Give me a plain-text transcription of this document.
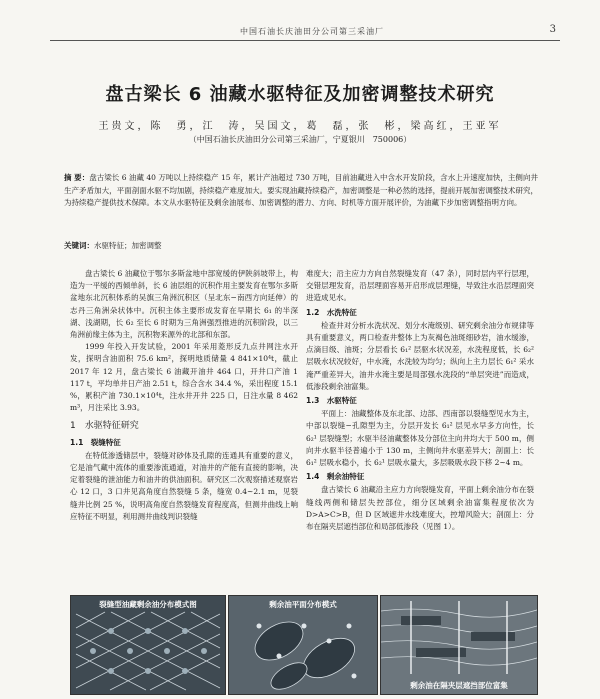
中国石油长庆油田分公司第三采油厂	3
盘古梁长 6 油藏水驱特征及加密调整技术研究
王贵文，陈　勇，江　涛，吴国文，葛　磊，张　彬，梁高红，王亚军
（中国石油长庆油田分公司第三采油厂，宁夏银川　750006）
摘 要：盘古梁长 6 油藏 40 万吨以上持续稳产 15 年，累计产油超过 730 万吨，目前油藏进入中含水开发阶段，含水上升速度加快，主侧向井生产矛盾加大，平面剖面水驱不均加剧，持续稳产难度加大。要实现油藏持续稳产，加密调整是一种必然的选择，提前开展加密调整技术研究，为持续稳产提供技术保障。本文从水驱特征及剩余油展布、加密调整的潜力、方向、时机等方面开展评价，为油藏下步加密调整指明方向。
关键词：水驱特征；加密调整

盘古梁长 6 油藏位于鄂尔多斯盆地中部宽缓的伊陕斜坡带上，构造为一平缓的西倾单斜，长 6 油层组的沉积作用主要发育在鄂尔多斯盆地东北沉积体系的吴旗三角洲沉积区（呈北东−南西方向延伸）的志丹三角洲朵状体中。沉积主体主要形成发育在早期长 6₁ 的半深湖、浅湖期，长 6₂ 至长 6 时期为三角洲强烈推进的沉积阶段，以三角洲前缘主体为主，沉积物来源外的北部和东部。

1999 年投入开发试验，2001 年采用菱形反九点井网注水开发，探明含油面积 75.6 km²，探明地质储量 4 841×10⁴t，截止 2017 年 12 月，盘古梁长 6 油藏开油井 464 口，开井口产油 1 117 t，平均单井日产油 2.51 t，综合含水 34.4 %，采出程度 15.1 %，累积产油 730.1×10⁴t，注水井开井 225 口，日注水量 8 462 m³，月注采比 3.93。

1　水驱特征研究
1.1　裂缝特征

在特低渗透储层中，裂缝对砂体及孔隙的连通具有重要的意义，它是油气藏中流体的重要渗流通道，对油井的产能有直接的影响，决定着裂缝的泄油能力和油井的供油面积。研究区二次观察描述观察岩心 12 口，3 口井见高角度自然裂缝 5 条，缝宽 0.4~2.1 m，见裂缝井比例 25 %，说明高角度自然裂缝发育程度高，但测井曲线上响应特征不明显，利用测井曲线判识裂缝

难度大；沿主应力方向自然裂缝发育（47 条），同时层内平行层理，交错层理发育，沿层理面容易开启形成层理缝，导致注水沿层理面突进造成见水。

1.2　水洗特征

检查井对分析水洗状况、划分水淹级别、研究剩余油分布规律等具有重要意义，两口检查井整体上为灰褐色油斑细砂岩，油水缓渗，点滴目级、油斑；分层看长 6₁² 层驱水状况差，水洗程度低，长 6₂² 层吸水状况较好，中水淹，水洗较为均匀；纵向上主力层长 6₁² 采水淹严重差异大，油井水淹主要是局部强水洗段的“单层突进”而造成，低渗段剩余油富集。

1.3　水驱特征

平面上：油藏整体及东北部、边部、西南部以裂缝型见水为主，中部以裂缝−孔隙型为主，分层开发长 6₁² 层见水早多方向性，长 6₂¹ 层裂缝型；水驱半径油藏整体及分部位主向井均大于 500 m，侧向井水驱半径普遍小于 130 m，主侧向井水驱差异大；剖面上：长 6₁² 层吸水稳小，长 6₂¹ 层吸水量大，多层吸吸水段下移 2~4 m。

1.4　剩余油特征

盘古梁长 6 油藏沿主应力方向裂缝发育，平面上剩余油分布在裂缝线两侧和储层失控部位，细分区域剩余油富集程度依次为 D>A>C>B，但 D 区域遮井水线难度大，控增风险大；剖面上：分布在隔夹层遮挡部位和局部低渗段（见图 1）。

裂缝型油藏剩余油分布模式图	剩余油平面分布模式
剩余油在隔夹层遮挡部位富集
